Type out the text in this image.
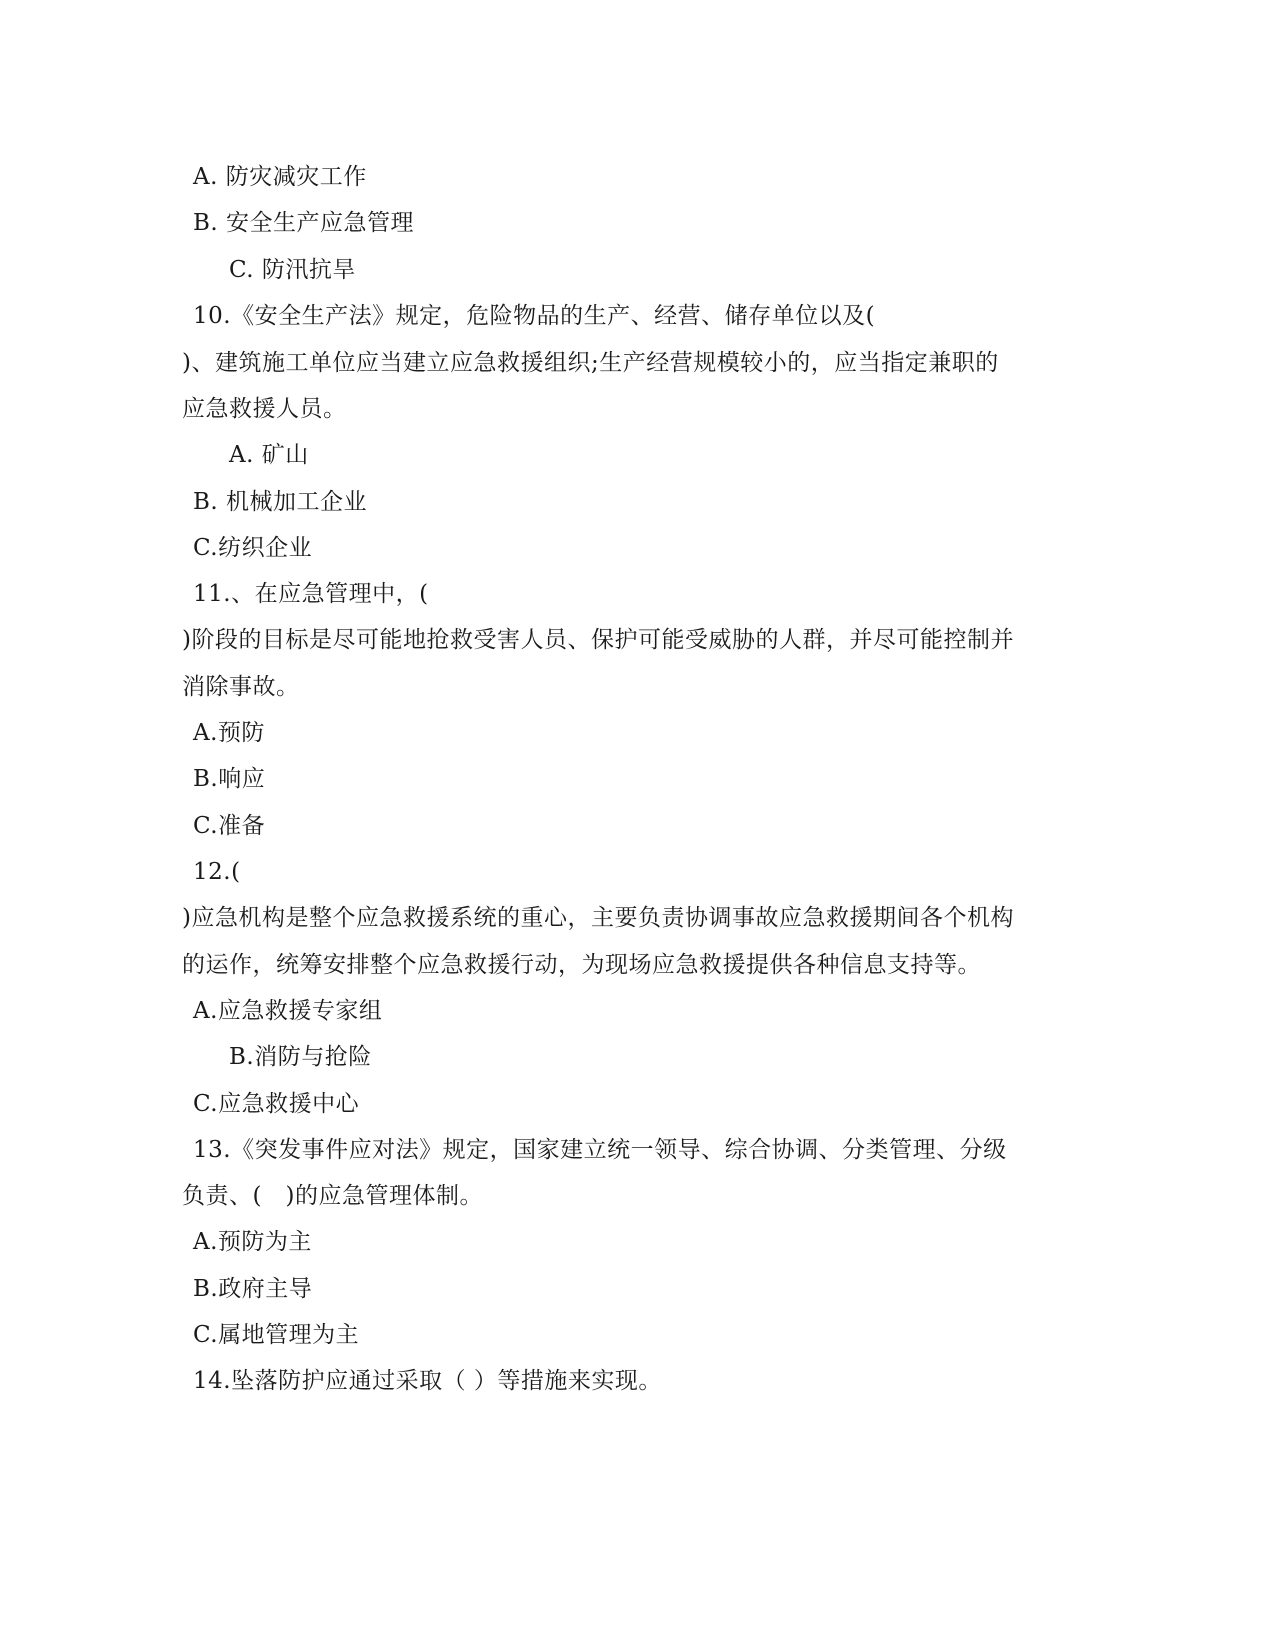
A. 防灾减灾工作
B. 安全生产应急管理
C. 防汛抗旱
10.《安全生产法》规定，危险物品的生产、经营、储存单位以及(
)、建筑施工单位应当建立应急救援组织;生产经营规模较小的，应当指定兼职的
应急救援人员。
A. 矿山
B. 机械加工企业
C.纺织企业
11.、在应急管理中，(
)阶段的目标是尽可能地抢救受害人员、保护可能受威胁的人群，并尽可能控制并
消除事故。
A.预防
B.响应
C.准备
12.(
)应急机构是整个应急救援系统的重心，主要负责协调事故应急救援期间各个机构
的运作，统筹安排整个应急救援行动，为现场应急救援提供各种信息支持等。
A.应急救援专家组
B.消防与抢险
C.应急救援中心
13.《突发事件应对法》规定，国家建立统一领导、综合协调、分类管理、分级
负责、(　)的应急管理体制。
A.预防为主
B.政府主导
C.属地管理为主
14.坠落防护应通过采取（ ）等措施来实现。
